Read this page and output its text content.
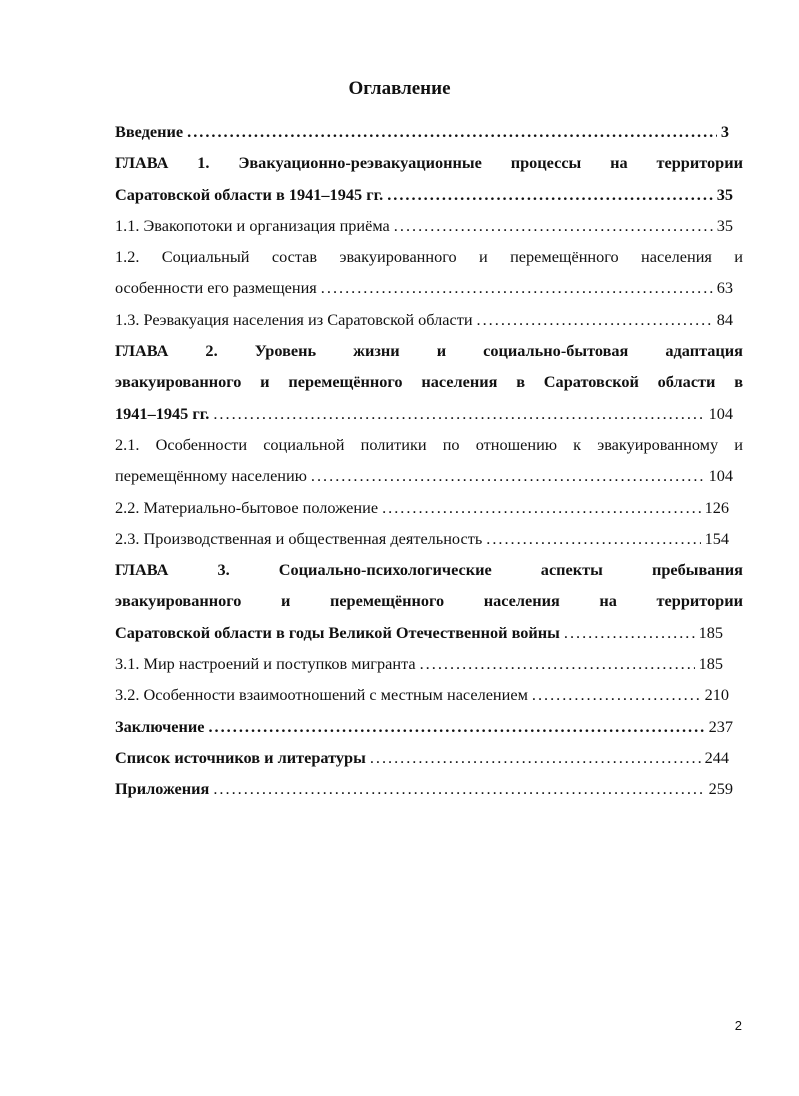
Оглавление
Введение .....	3
ГЛАВА 1. Эвакуационно-реэвакуационные процессы на территории
Саратовской области в 1941–1945 гг. .....	35
1.1. Эвакопотоки и организация приёма .....	35
1.2. Социальный состав эвакуированного и перемещённого населения и
особенности его размещения .....	63
1.3. Реэвакуация населения из Саратовской области .....	84
ГЛАВА 2. Уровень жизни и социально-бытовая адаптация
эвакуированного и перемещённого населения в Саратовской области в
1941–1945 гг. .....	104
2.1. Особенности социальной политики по отношению к эвакуированному и
перемещённому населению .....	104
2.2. Материально-бытовое положение .....	126
2.3. Производственная и общественная деятельность .....	154
ГЛАВА 3. Социально-психологические аспекты пребывания
эвакуированного и перемещённого населения на территории
Саратовской области в годы Великой Отечественной войны .....	185
3.1. Мир настроений и поступков мигранта .....	185
3.2. Особенности взаимоотношений с местным населением .....	210
Заключение .....	237
Список источников и литературы .....	244
Приложения .....	259
2
